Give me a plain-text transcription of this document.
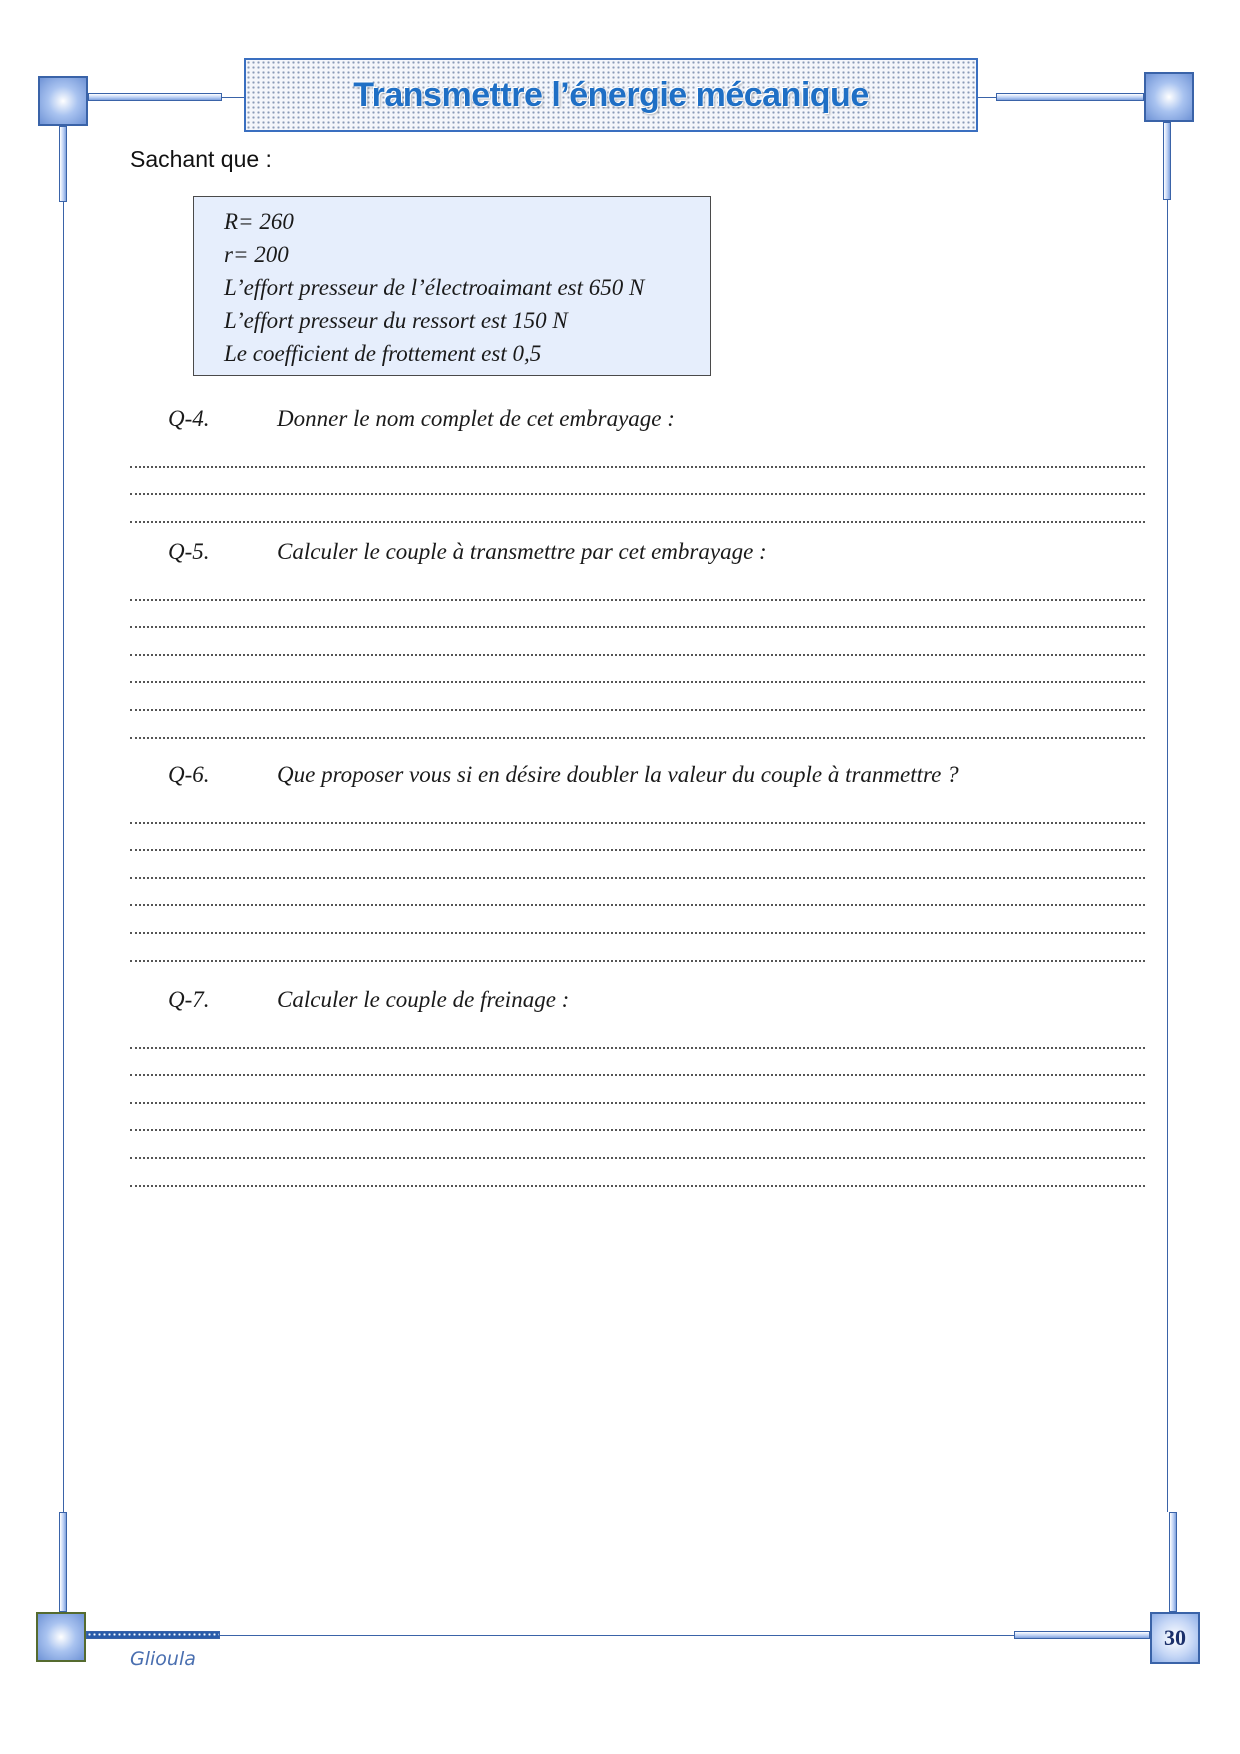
30
Transmettre l’énergie mécanique
Sachant que :
R= 260
r= 200
L’effort presseur de l’électroaimant est 650 N
L’effort presseur du ressort est 150 N
Le coefficient de frottement est 0,5
Q-4.	Donner le nom complet de cet embrayage :
Q-5.	Calculer le couple à transmettre par cet embrayage :
Q-6.	Que proposer vous si en désire doubler la valeur du couple à tranmettre ?
Q-7.	Calculer le couple de freinage :
Glioula
